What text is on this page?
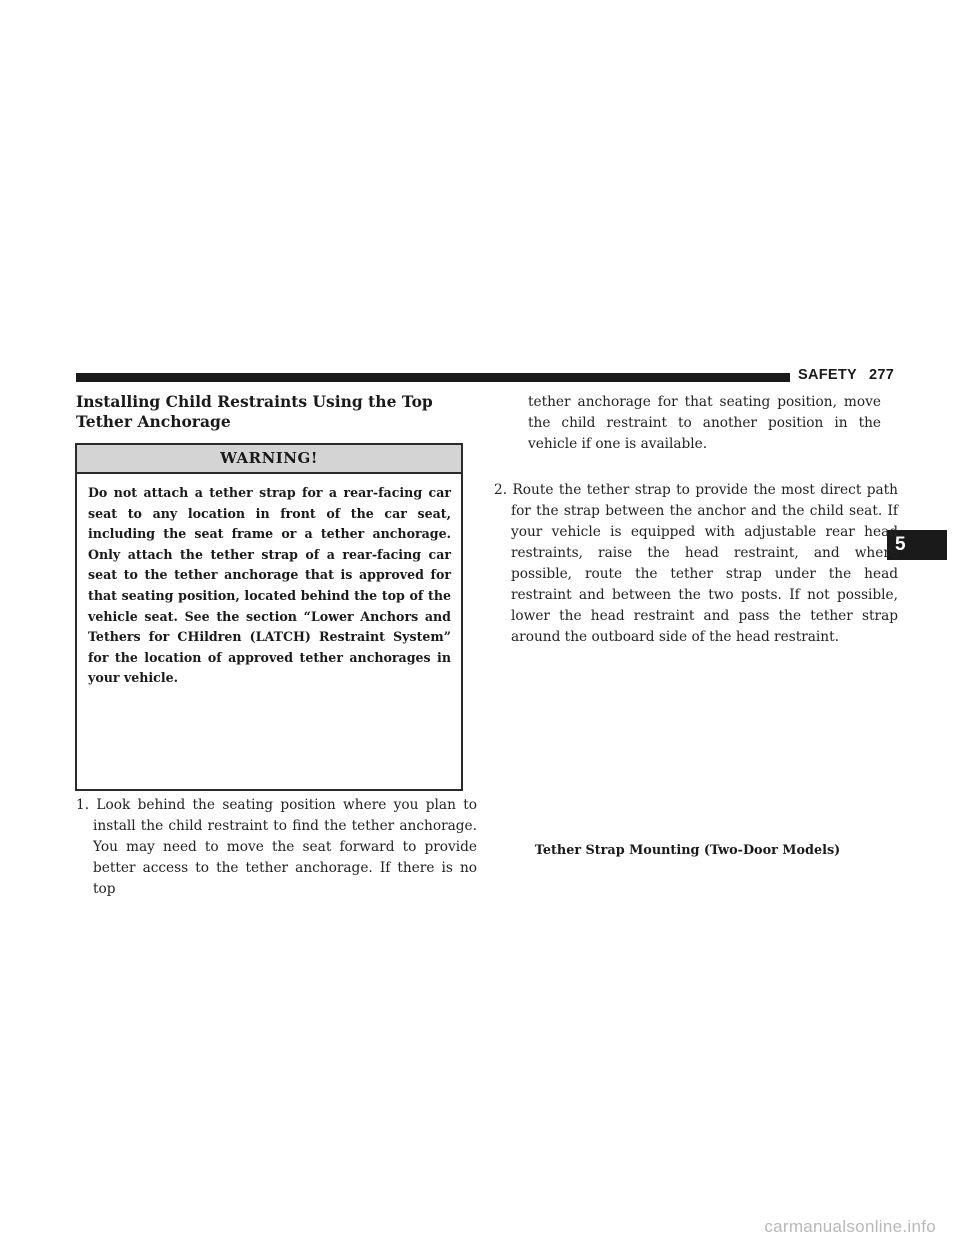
SAFETY 277
5
Installing Child Restraints Using the Top Tether Anchorage
WARNING!
Do not attach a tether strap for a rear-facing car seat to any location in front of the car seat, including the seat frame or a tether anchorage. Only attach the tether strap of a rear-facing car seat to the tether anchorage that is approved for that seating position, located behind the top of the vehicle seat. See the section “Lower Anchors and Tethers for CHildren (LATCH) Restraint System” for the location of approved tether anchorages in your vehicle.
1. Look behind the seating position where you plan to install the child restraint to find the tether anchorage. You may need to move the seat forward to provide better access to the tether anchorage. If there is no top
tether anchorage for that seating position, move the child restraint to another position in the vehicle if one is available.
2. Route the tether strap to provide the most direct path for the strap between the anchor and the child seat. If your vehicle is equipped with adjustable rear head restraints, raise the head restraint, and where possible, route the tether strap under the head restraint and between the two posts. If not possible, lower the head restraint and pass the tether strap around the outboard side of the head restraint.
Tether Strap Mounting (Two-Door Models)
carmanualsonline.info
